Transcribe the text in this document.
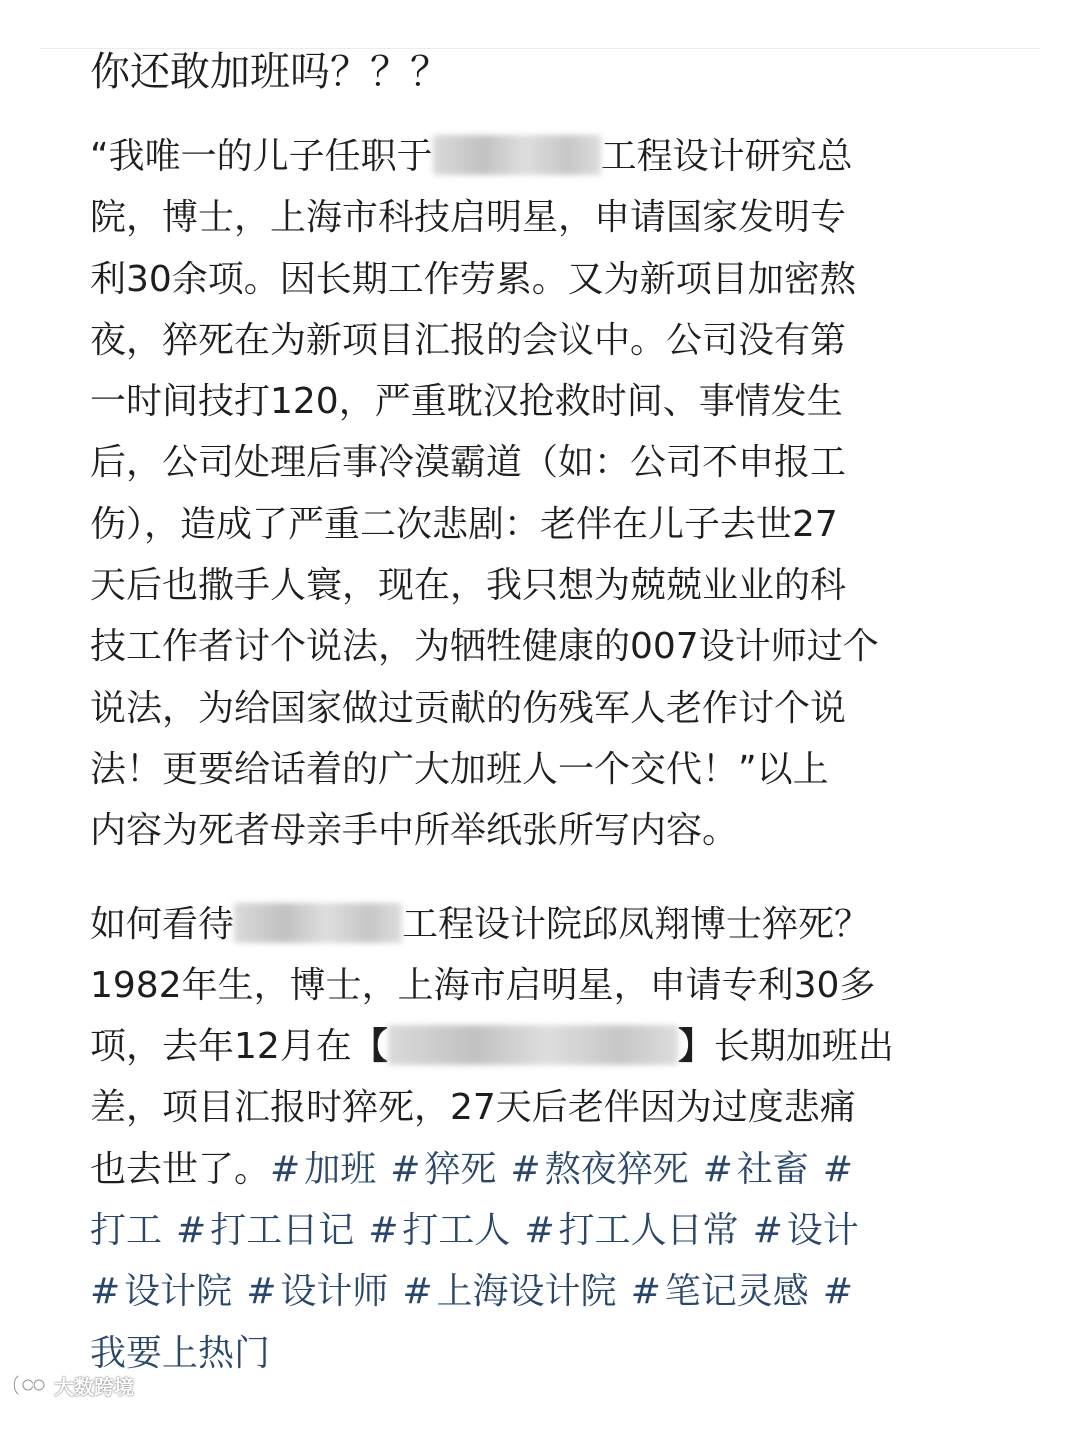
你还敢加班吗？？？
“我唯一的儿子任职于	工程设计研究总
院，博士，上海市科技启明星，申请国家发明专
利30余项。因长期工作劳累。又为新项目加密熬
夜，猝死在为新项目汇报的会议中。公司没有第
一时间技打120，严重耽汉抢救时间、事情发生
后，公司处理后事冷漠霸道（如：公司不申报工
伤），造成了严重二次悲剧：老伴在儿子去世27
天后也撒手人寰，现在，我只想为兢兢业业的科
技工作者讨个说法，为牺牲健康的007设计师过个
说法，为给国家做过贡献的伤残军人老作讨个说
法！更要给话着的广大加班人一个交代！”以上
内容为死者母亲手中所举纸张所写内容。
如何看待	工程设计院邱凤翔博士猝死？
1982年生，博士，上海市启明星，申请专利30多
项，去年12月在【	】长期加班出
差，项目汇报时猝死，27天后老伴因为过度悲痛
也去世了。# 加班 # 猝死 # 熬夜猝死 # 社畜 #
打工 # 打工日记 # 打工人 # 打工人日常 # 设计
# 设计院 # 设计师 # 上海设计院 # 笔记灵感 #
我要上热门
大数跨境
